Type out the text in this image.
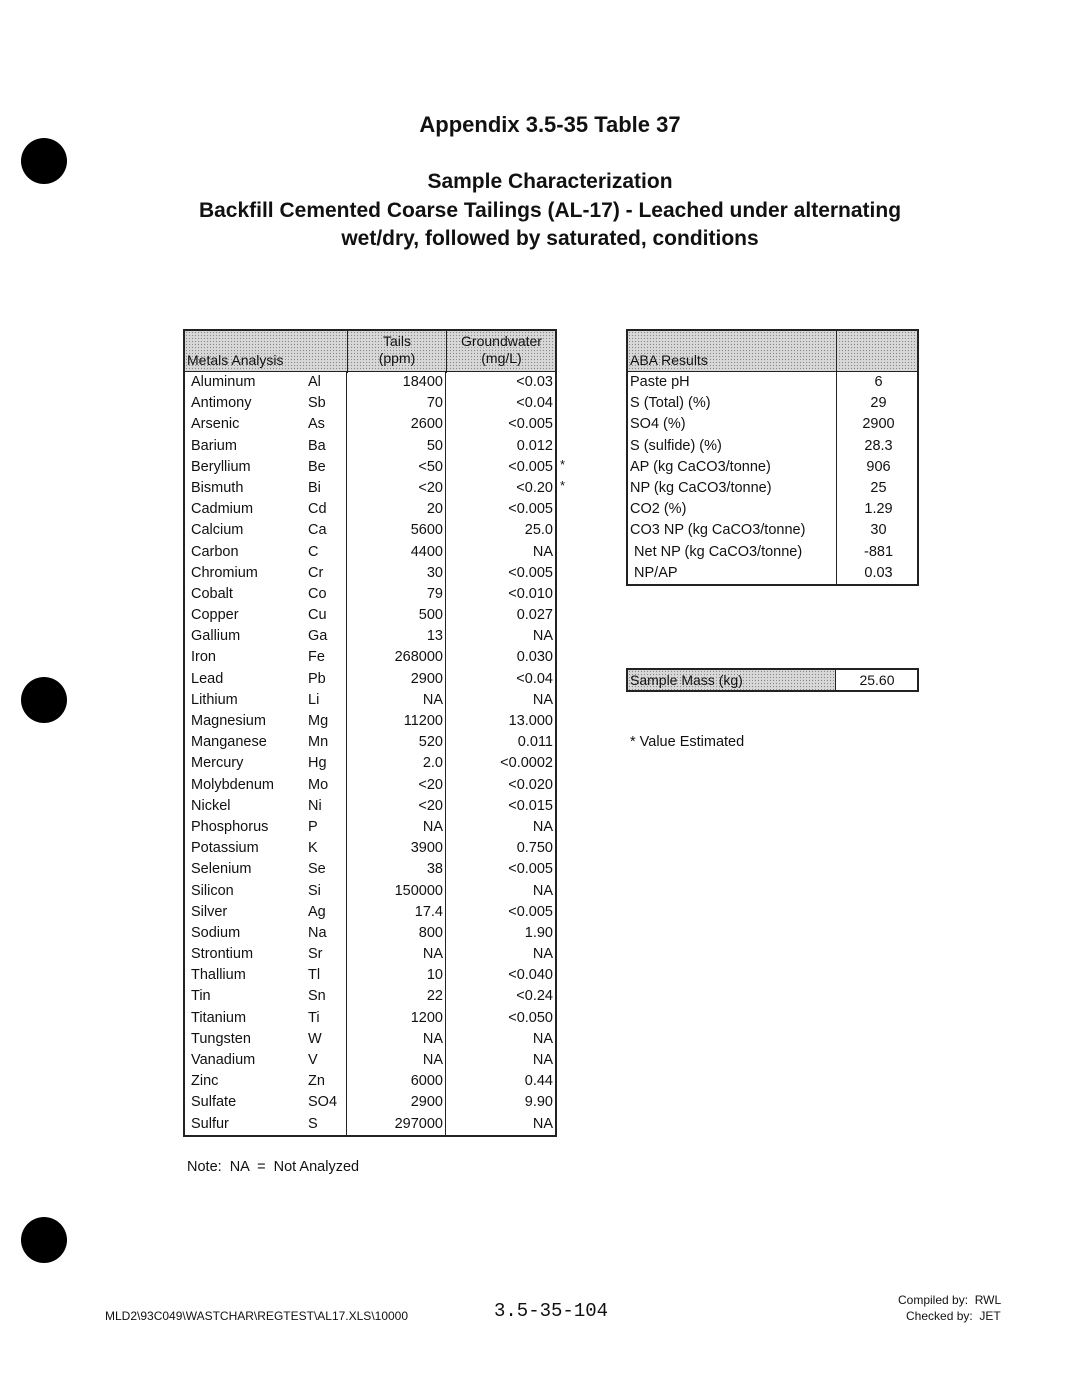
Appendix 3.5-35 Table 37
Sample Characterization
Backfill Cemented Coarse Tailings (AL-17) - Leached under alternating
wet/dry, followed by saturated, conditions
Metals Analysis
Tails
(ppm)
Groundwater
(mg/L)
Aluminum	Al	18400	<0.03
Antimony	Sb	70	<0.04
Arsenic	As	2600	<0.005
Barium	Ba	50	0.012
Beryllium	Be	<50	<0.005
Bismuth	Bi	<20	<0.20
Cadmium	Cd	20	<0.005
Calcium	Ca	5600	25.0
Carbon	C	4400	NA
Chromium	Cr	30	<0.005
Cobalt	Co	79	<0.010
Copper	Cu	500	0.027
Gallium	Ga	13	NA
Iron	Fe	268000	0.030
Lead	Pb	2900	<0.04
Lithium	Li	NA	NA
Magnesium	Mg	11200	13.000
Manganese	Mn	520	0.011
Mercury	Hg	2.0	<0.0002
Molybdenum Mo	<20	<0.020
Nickel	Ni	<20	<0.015
Phosphorus	P	NA	NA
Potassium	K	3900	0.750
Selenium	Se	38	<0.005
Silicon	Si	150000	NA
Silver	Ag	17.4	<0.005
Sodium	Na	800	1.90
Strontium	Sr	NA	NA
Thallium	Tl	10	<0.040
Tin	Sn	22	<0.24
Titanium	Ti	1200	<0.050
Tungsten	W	NA	NA
Vanadium	V	NA	NA
Zinc	Zn	6000	0.44
Sulfate	SO4	2900	9.90
Sulfur	S	297000	NA
*
*
ABA Results
Paste pH	6
S (Total) (%)	29
SO4 (%)	2900
S (sulfide) (%)	28.3
AP (kg CaCO3/tonne)	906
NP (kg CaCO3/tonne)	25
CO2 (%)	1.29
CO3 NP (kg CaCO3/tonne)	30
Net NP (kg CaCO3/tonne)	-881
NP/AP	0.03
Sample Mass (kg)	25.60
* Value Estimated
Note:  NA  =  Not Analyzed
MLD2\93C049\WASTCHAR\REGTEST\AL17.XLS\10000	3.5-35-104	Compiled by:  RWL
Checked by:  JET
